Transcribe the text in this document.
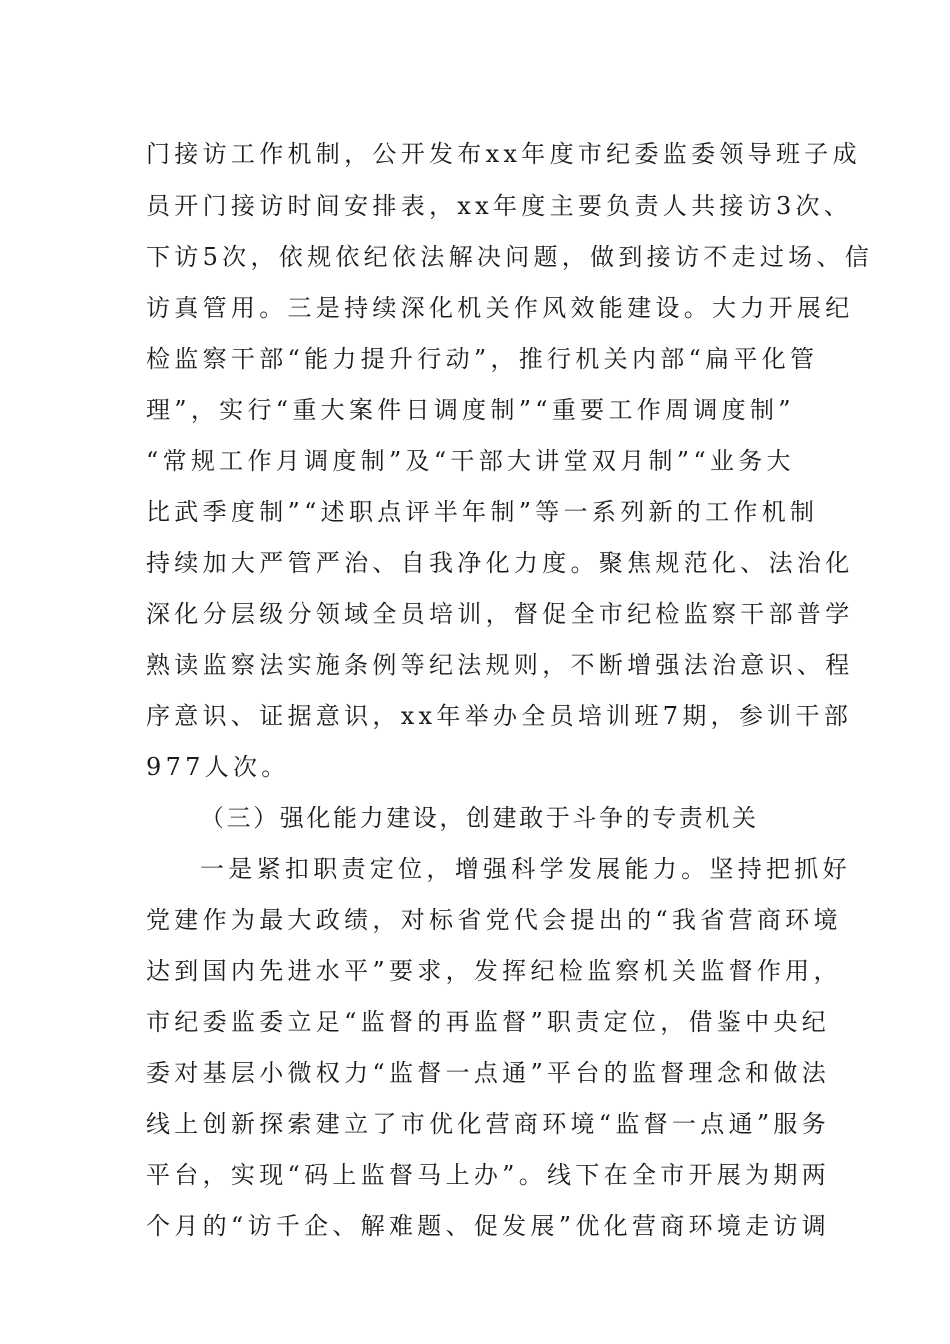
门接访工作机制，公开发布xx年度市纪委监委领导班子成
员开门接访时间安排表，xx年度主要负责人共接访3次、
下访5次，依规依纪依法解决问题，做到接访不走过场、信
访真管用。三是持续深化机关作风效能建设。大力开展纪
检监察干部“能力提升行动”，推行机关内部“扁平化管
理”，实行“重大案件日调度制”“重要工作周调度制”
“常规工作月调度制”及“干部大讲堂双月制”“业务大
比武季度制”“述职点评半年制”等一系列新的工作机制
持续加大严管严治、自我净化力度。聚焦规范化、法治化
深化分层级分领域全员培训，督促全市纪检监察干部普学
熟读监察法实施条例等纪法规则，不断增强法治意识、程
序意识、证据意识，xx年举办全员培训班7期，参训干部
977人次。
（三）强化能力建设，创建敢于斗争的专责机关
一是紧扣职责定位，增强科学发展能力。坚持把抓好
党建作为最大政绩，对标省党代会提出的“我省营商环境
达到国内先进水平”要求，发挥纪检监察机关监督作用，
市纪委监委立足“监督的再监督”职责定位，借鉴中央纪
委对基层小微权力“监督一点通”平台的监督理念和做法
线上创新探索建立了市优化营商环境“监督一点通”服务
平台，实现“码上监督马上办”。线下在全市开展为期两
个月的“访千企、解难题、促发展”优化营商环境走访调
